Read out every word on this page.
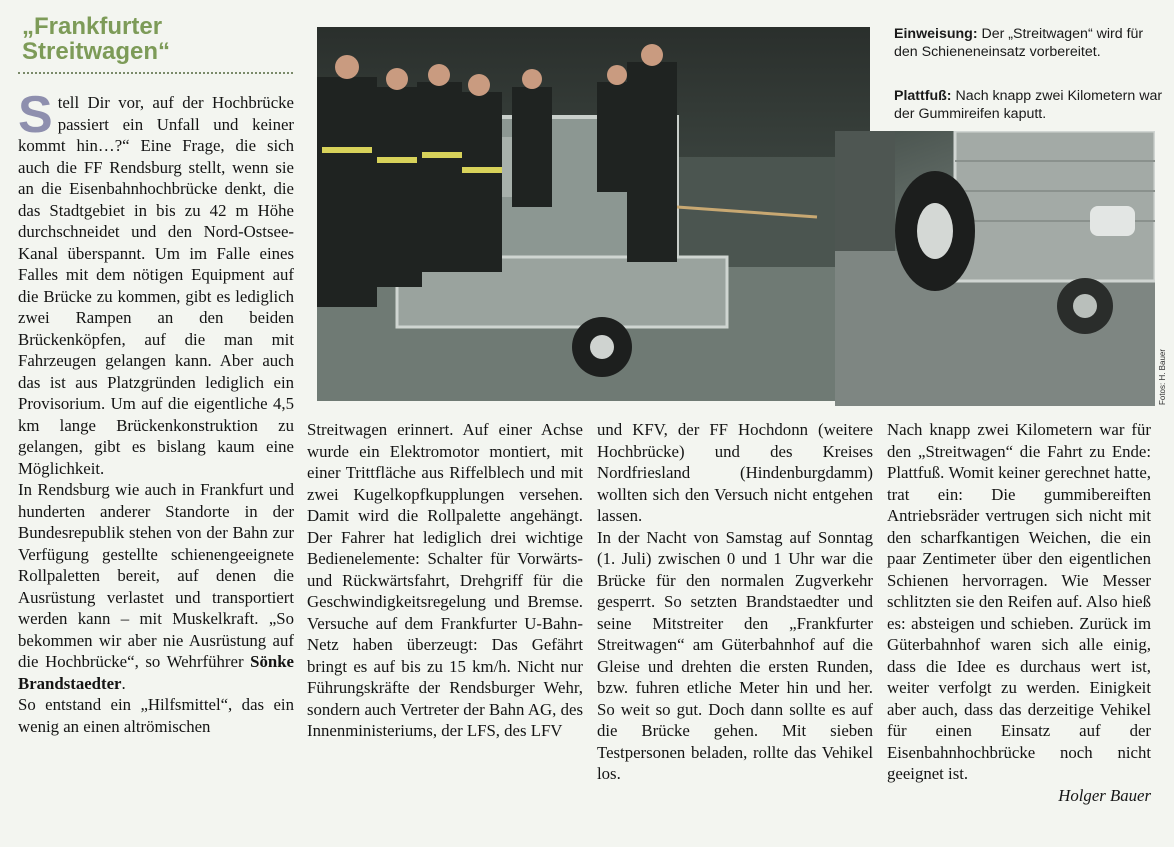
„Frankfurter Streitwagen“
Fotos: H. Bauer
Einweisung: Der „Streitwagen“ wird für den Schieneneinsatz vorbereitet.
Plattfuß: Nach knapp zwei Kilometern war der Gummireifen kaputt.

Stell Dir vor, auf der Hochbrücke passiert ein Unfall und keiner kommt hin…?“ Eine Frage, die sich auch die FF Rendsburg stellt, wenn sie an die Eisenbahnhochbrücke denkt, die das Stadtgebiet in bis zu 42 m Höhe durchschneidet und den Nord-Ostsee-Kanal überspannt. Um im Falle eines Falles mit dem nötigen Equipment auf die Brücke zu kommen, gibt es lediglich zwei Rampen an den beiden Brückenköpfen, auf die man mit Fahrzeugen gelangen kann. Aber auch das ist aus Platzgründen lediglich ein Provisorium. Um auf die eigentliche 4,5 km lange Brückenkonstruktion zu gelangen, gibt es bislang kaum eine Möglichkeit.

In Rendsburg wie auch in Frankfurt und hunderten anderer Standorte in der Bundesrepublik stehen von der Bahn zur Verfügung gestellte schienengeeignete Rollpaletten bereit, auf denen die Ausrüstung verlastet und transportiert werden kann – mit Muskelkraft. „So bekommen wir aber nie Ausrüstung auf die Hochbrücke“, so Wehrführer Sönke Brandstaedter.

So entstand ein „Hilfsmittel“, das ein wenig an einen altrömischen

Streitwagen erinnert. Auf einer Achse wurde ein Elektromotor montiert, mit einer Trittfläche aus Riffelblech und mit zwei Kugelkopfkupplungen versehen. Damit wird die Rollpalette angehängt. Der Fahrer hat lediglich drei wichtige Bedienelemente: Schalter für Vorwärts- und Rückwärtsfahrt, Drehgriff für die Geschwindigkeitsregelung und Bremse. Versuche auf dem Frankfurter U-Bahn-Netz haben überzeugt: Das Gefährt bringt es auf bis zu 15 km/h. Nicht nur Führungskräfte der Rendsburger Wehr, sondern auch Vertreter der Bahn AG, des Innenministeriums, der LFS, des LFV

und KFV, der FF Hochdonn (weitere Hochbrücke) und des Kreises Nordfriesland (Hindenburgdamm) wollten sich den Versuch nicht entgehen lassen.

In der Nacht von Samstag auf Sonntag (1. Juli) zwischen 0 und 1 Uhr war die Brücke für den normalen Zugverkehr gesperrt. So setzten Brandstaedter und seine Mitstreiter den „Frankfurter Streitwagen“ am Güterbahnhof auf die Gleise und drehten die ersten Runden, bzw. fuhren etliche Meter hin und her. So weit so gut. Doch dann sollte es auf die Brücke gehen. Mit sieben Testpersonen beladen, rollte das Vehikel los.

Nach knapp zwei Kilometern war für den „Streitwagen“ die Fahrt zu Ende: Plattfuß. Womit keiner gerechnet hatte, trat ein: Die gummibereiften Antriebsräder vertrugen sich nicht mit den scharfkantigen Weichen, die ein paar Zentimeter über den eigentlichen Schienen hervorragen. Wie Messer schlitzten sie den Reifen auf. Also hieß es: absteigen und schieben. Zurück im Güterbahnhof waren sich alle einig, dass die Idee es durchaus wert ist, weiter verfolgt zu werden. Einigkeit aber auch, dass das derzeitige Vehikel für einen Einsatz auf der Eisenbahnhochbrücke noch nicht geeignet ist.

Holger Bauer
